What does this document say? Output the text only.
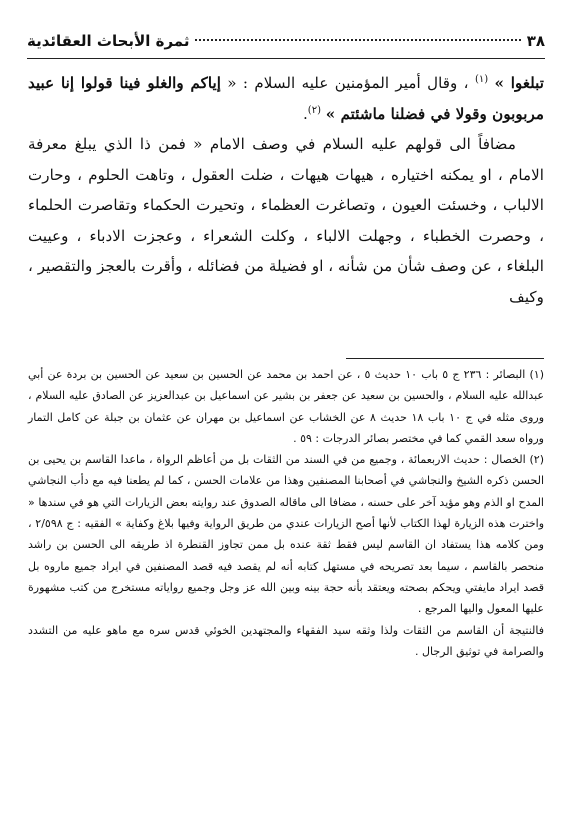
٣٨
ثمرة الأبحاث العقائدية

تبلغوا » $^{(١)}$ ، وقال أمير المؤمنين عليه السلام : « إياكم والغلو فينا قولوا إنا عبيد مربوبون وقولا في فضلنا ماشئتم » $^{(٢)}$.

مضافاً الى قولهم عليه السلام في وصف الامام « فمن ذا الذي يبلغ معرفة الامام ، او يمكنه اختياره ، هيهات هيهات ، ضلت العقول ، وتاهت الحلوم ، وحارت الالباب ، وخسئت العيون ، وتصاغرت العظماء ، وتحيرت الحكماء وتقاصرت الحلماء ، وحصرت الخطباء ، وجهلت الالباء ، وكلت الشعراء ، وعجزت الادباء ، وعييت البلغاء ، عن وصف شأن من شأنه ، او فضيلة من فضائله ، وأقرت بالعجز والتقصير ، وكيف

(١) البصائر : ٢٣٦ ج ٥ باب ١٠ حديث ٥ ، عن احمد بن محمد عن الحسين بن سعيد عن الحسين بن بردة عن أبي عبدالله عليه السلام ، والحسين بن سعيد عن جعفر بن بشير عن اسماعيل بن عبدالعزيز عن الصادق عليه السلام ، وروى مثله في ج ١٠ باب ١٨ حديث ٨ عن الخشاب عن اسماعيل بن مهران عن عثمان بن جبلة عن كامل التمار ورواه سعد القمي كما في مختصر بصائر الدرجات : ٥٩ .

(٢) الخصال : حديث الاربعمائة ، وجميع من في السند من الثقات بل من أعاظم الرواة ، ماعدا القاسم بن يحيى بن الحسن ذكره الشيخ والنجاشي في أصحابنا المصنفين وهذا من علامات الحسن ، كما لم يطعنا فيه مع دأب النجاشي المدح او الذم وهو مؤيد آخر على حسنه ، مضافا الى ماقاله الصدوق عند روايته بعض الزيارات التي هو في سندها « واخترت هذه الزيارة لهذا الكتاب لأنها أصح الزيارات عندي من طريق الرواية وفيها بلاغ وكفاية » الفقيه : ج ٢/٥٩٨ ، ومن كلامه هذا يستفاد ان القاسم ليس فقط ثقة عنده بل ممن تجاوز القنطرة اذ طريقه الى الحسن بن راشد منحصر بالقاسم ، سيما بعد تصريحه في مستهل كتابه أنه لم يقصد فيه قصد المصنفين في ايراد جميع ماروه بل قصد ايراد مايفتي ويحكم بصحته ويعتقد بأنه حجة بينه وبين الله عز وجل وجميع رواياته مستخرج من كتب مشهورة عليها المعول واليها المرجع .

فالنتيجة أن القاسم من الثقات ولذا وثقه سيد الفقهاء والمجتهدين الخوئي قدس سره مع ماهو عليه من التشدد والصرامة في توثيق الرجال .
